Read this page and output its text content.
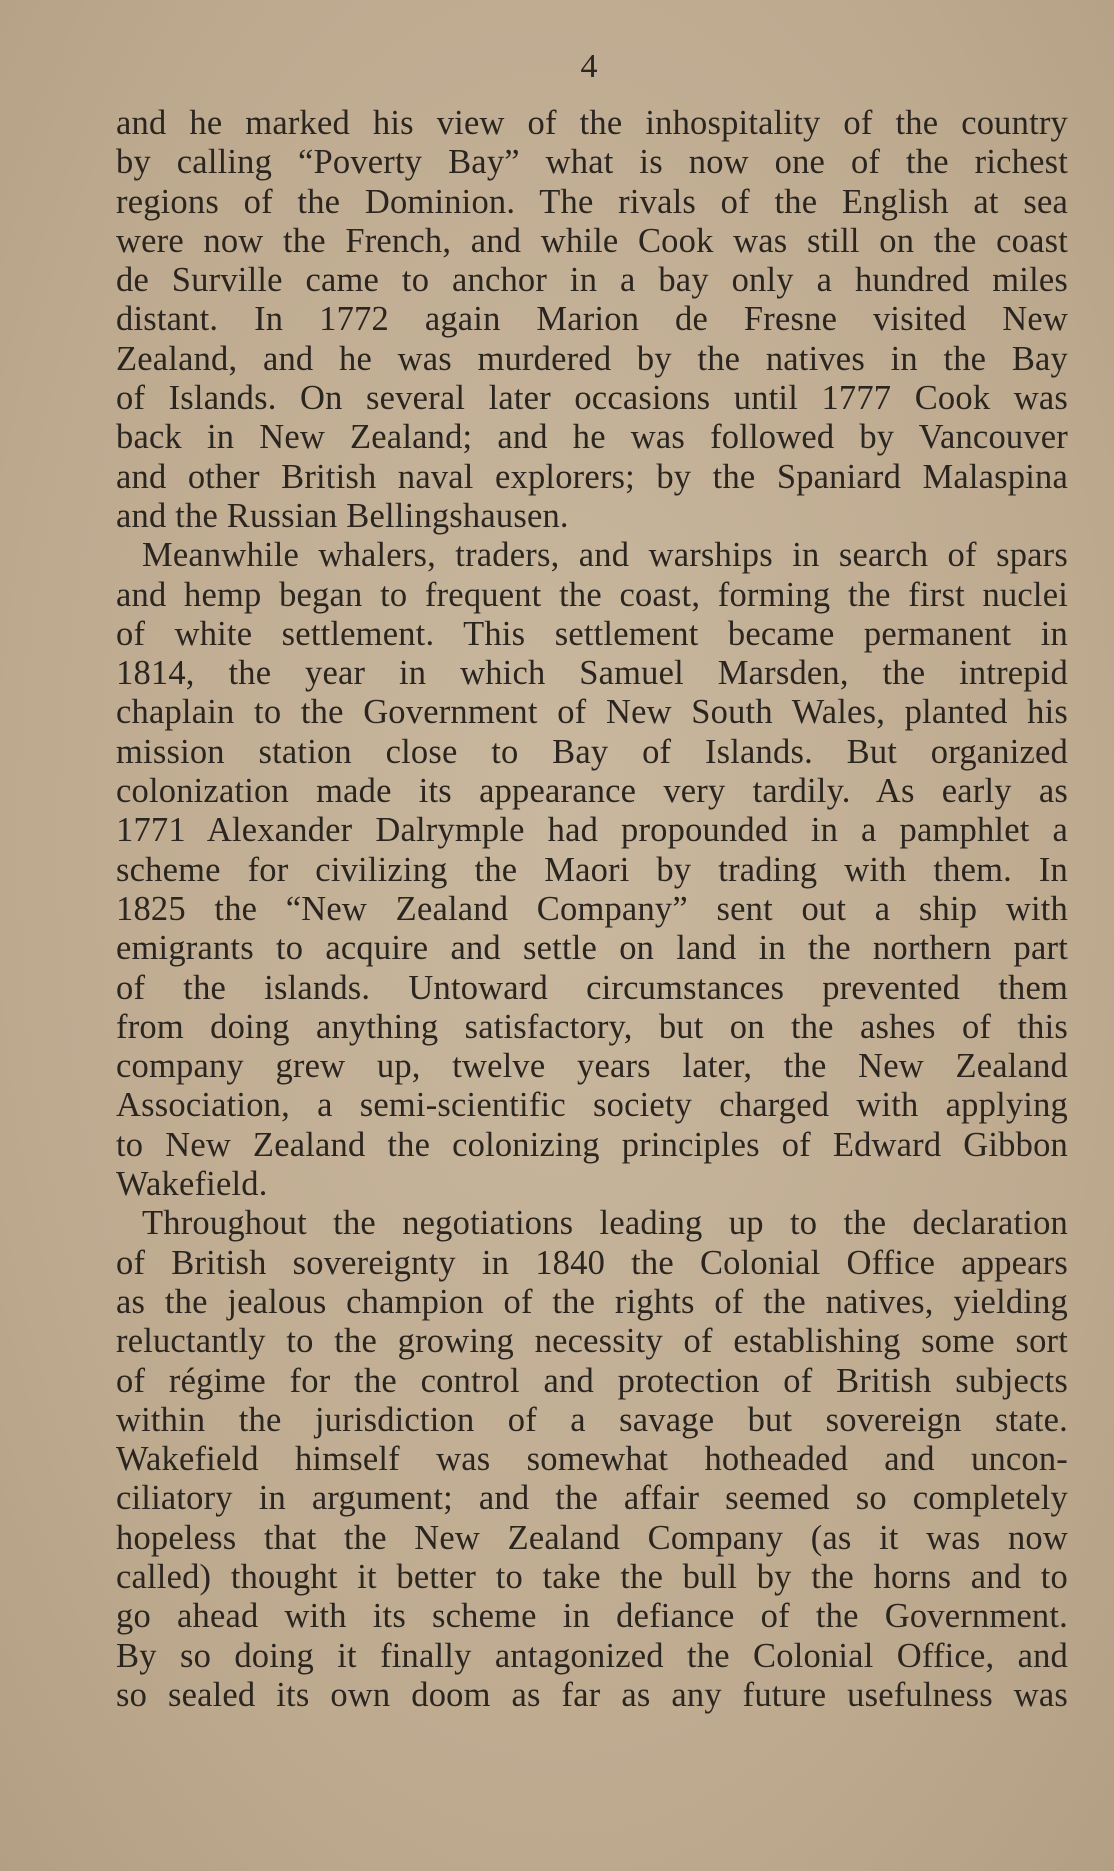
4
and he marked his view of the inhospitality of the country
by calling “Poverty Bay” what is now one of the richest
regions of the Dominion. The rivals of the English at sea
were now the French, and while Cook was still on the coast
de Surville came to anchor in a bay only a hundred miles
distant. In 1772 again Marion de Fresne visited New
Zealand, and he was murdered by the natives in the Bay
of Islands. On several later occasions until 1777 Cook was
back in New Zealand; and he was followed by Vancouver
and other British naval explorers; by the Spaniard Malaspina
and the Russian Bellingshausen.
Meanwhile whalers, traders, and warships in search of spars
and hemp began to frequent the coast, forming the first nuclei
of white settlement. This settlement became permanent in
1814, the year in which Samuel Marsden, the intrepid
chaplain to the Government of New South Wales, planted his
mission station close to Bay of Islands. But organized
colonization made its appearance very tardily. As early as
1771 Alexander Dalrymple had propounded in a pamphlet a
scheme for civilizing the Maori by trading with them. In
1825 the “New Zealand Company” sent out a ship with
emigrants to acquire and settle on land in the northern part
of the islands. Untoward circumstances prevented them
from doing anything satisfactory, but on the ashes of this
company grew up, twelve years later, the New Zealand
Association, a semi-scientific society charged with applying
to New Zealand the colonizing principles of Edward Gibbon
Wakefield.
Throughout the negotiations leading up to the declaration
of British sovereignty in 1840 the Colonial Office appears
as the jealous champion of the rights of the natives, yielding
reluctantly to the growing necessity of establishing some sort
of régime for the control and protection of British subjects
within the jurisdiction of a savage but sovereign state.
Wakefield himself was somewhat hotheaded and uncon-
ciliatory in argument; and the affair seemed so completely
hopeless that the New Zealand Company (as it was now
called) thought it better to take the bull by the horns and to
go ahead with its scheme in defiance of the Government.
By so doing it finally antagonized the Colonial Office, and
so sealed its own doom as far as any future usefulness was
